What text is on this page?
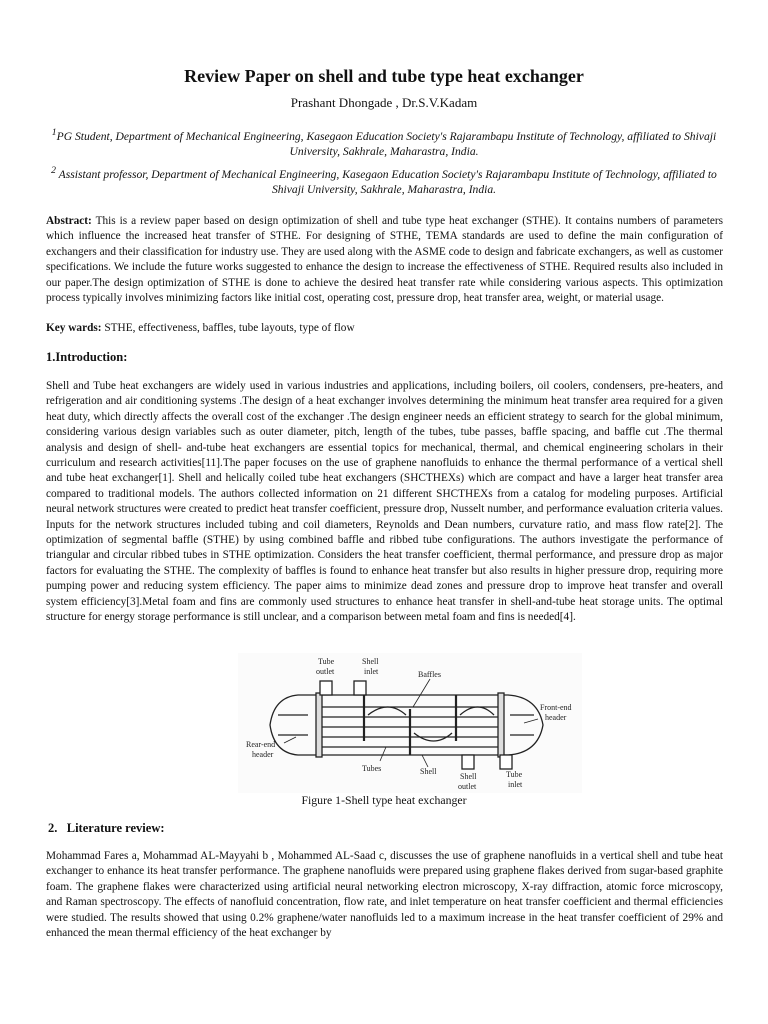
Review Paper on shell and tube type heat exchanger
Prashant Dhongade , Dr.S.V.Kadam
$^1$PG Student, Department of Mechanical Engineering, Kasegaon Education Society's Rajarambapu Institute of Technology, affiliated to Shivaji University, Sakhrale, Maharastra, India.
$^2$ Assistant professor, Department of Mechanical Engineering, Kasegaon Education Society's Rajarambapu Institute of Technology, affiliated to Shivaji University, Sakhrale, Maharastra, India.
Abstract: This is a review paper based on design optimization of shell and tube type heat exchanger (STHE). It contains numbers of parameters which influence the increased heat transfer of STHE. For designing of STHE, TEMA standards are used to define the main configuration of exchangers and their classification for industry use. They are used along with the ASME code to design and fabricate exchangers, as well as customer specifications. We include the future works suggested to enhance the design to increase the effectiveness of STHE. Required results also included in our paper.The design optimization of STHE is done to achieve the desired heat transfer rate while considering various aspects. This optimization process typically involves minimizing factors like initial cost, operating cost, pressure drop, heat transfer area, weight, or material usage.
Key wards: STHE, effectiveness, baffles, tube layouts, type of flow
1.Introduction:
Shell and Tube heat exchangers are widely used in various industries and applications, including boilers, oil coolers, condensers, pre-heaters, and refrigeration and air conditioning systems .The design of a heat exchanger involves determining the minimum heat transfer area required for a given heat duty, which directly affects the overall cost of the exchanger .The design engineer needs an efficient strategy to search for the global minimum, considering various design variables such as outer diameter, pitch, length of the tubes, tube passes, baffle spacing, and baffle cut .The thermal analysis and design of shell- and-tube heat exchangers are essential topics for mechanical, thermal, and chemical engineering scholars in their curriculum and research activities[11].The paper focuses on the use of graphene nanofluids to enhance the thermal performance of a vertical shell and tube heat exchanger[1]. Shell and helically coiled tube heat exchangers (SHCTHEXs) which are compact and have a larger heat transfer area compared to traditional models. The authors collected information on 21 different SHCTHEXs from a catalog for modeling purposes. Artificial neural network structures were created to predict heat transfer coefficient, pressure drop, Nusselt number, and performance evaluation criteria values. Inputs for the network structures included tubing and coil diameters, Reynolds and Dean numbers, curvature ratio, and mass flow rate[2]. The optimization of segmental baffle (STHE) by using combined baffle and ribbed tube configurations. The authors investigate the performance of triangular and circular ribbed tubes in STHE optimization. Considers the heat transfer coefficient, thermal performance, and pressure drop as major factors for evaluating the STHE. The complexity of baffles is found to enhance heat transfer but also results in higher pressure drop, requiring more pumping power and reducing system efficiency. The paper aims to minimize dead zones and pressure drop to improve heat transfer and overall system efficiency[3].Metal foam and fins are commonly used structures to enhance heat transfer in shell-and-tube heat storage units. The optimal structure for energy storage performance is still unclear, and a comparison between metal foam and fins is needed[4].
Tube
outlet
Shell
inlet	Baffles
Front-end
header
Rear-end
header
Tubes	Shell
Shell
outlet
Tube
inlet
Figure 1-Shell type heat exchanger
2.   Literature review:
Mohammad Fares a, Mohammad AL-Mayyahi b , Mohammed AL-Saad c, discusses the use of graphene nanofluids in a vertical shell and tube heat exchanger to enhance its heat transfer performance. The graphene nanofluids were prepared using graphene flakes derived from sugar-based graphite foam. The graphene flakes were characterized using artificial neural networking electron microscopy, X-ray diffraction, atomic force microscopy, and Raman spectroscopy. The effects of nanofluid concentration, flow rate, and inlet temperature on heat transfer coefficient and thermal efficiencies were studied. The results showed that using 0.2% graphene/water nanofluids led to a maximum increase in the heat transfer coefficient of 29% and enhanced the mean thermal efficiency of the heat exchanger by
